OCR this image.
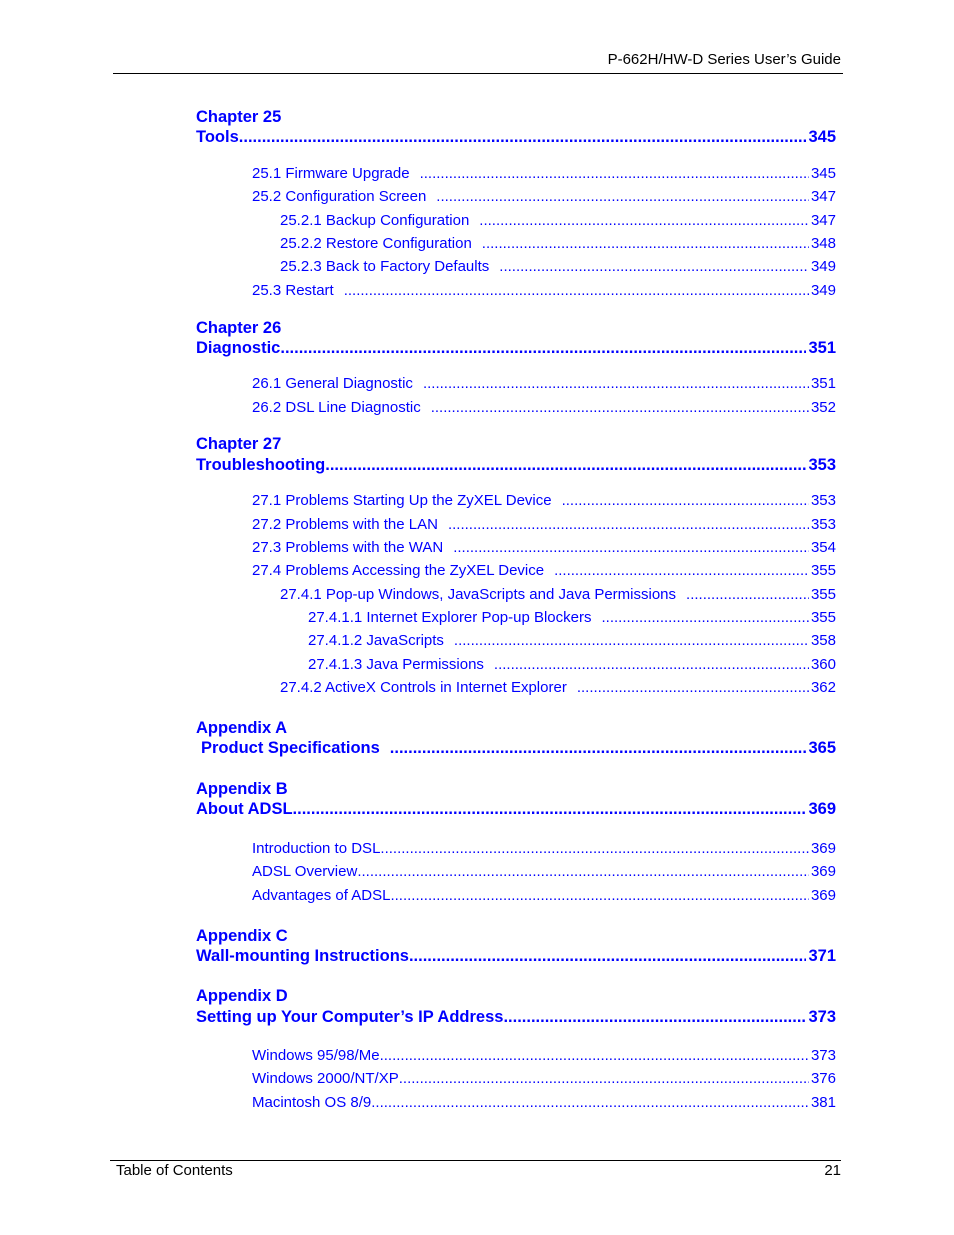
P-662H/HW-D Series User’s Guide
Chapter 25
Tools .....	345
25.1 Firmware Upgrade .....	345
25.2 Configuration Screen .....	347
25.2.1 Backup Configuration .....	347
25.2.2 Restore Configuration .....	348
25.2.3 Back to Factory Defaults .....	349
25.3 Restart .....	349
Chapter 26
Diagnostic .....	351
26.1 General Diagnostic .....	351
26.2 DSL Line Diagnostic .....	352
Chapter 27
Troubleshooting .....	353
27.1 Problems Starting Up the ZyXEL Device .....	353
27.2 Problems with the LAN .....	353
27.3 Problems with the WAN .....	354
27.4 Problems Accessing the ZyXEL Device .....	355
27.4.1 Pop-up Windows, JavaScripts and Java Permissions .....	355
27.4.1.1 Internet Explorer Pop-up Blockers .....	355
27.4.1.2 JavaScripts .....	358
27.4.1.3 Java Permissions .....	360
27.4.2 ActiveX Controls in Internet Explorer .....	362
Appendix A
Product Specifications .....	365
Appendix B
About ADSL .....	369
Introduction to DSL .....	369
ADSL Overview .....	369
Advantages of ADSL .....	369
Appendix C
Wall-mounting Instructions .....	371
Appendix D
Setting up Your Computer’s IP Address .....	373
Windows 95/98/Me .....	373
Windows 2000/NT/XP .....	376
Macintosh OS 8/9 .....	381
Table of Contents	21
